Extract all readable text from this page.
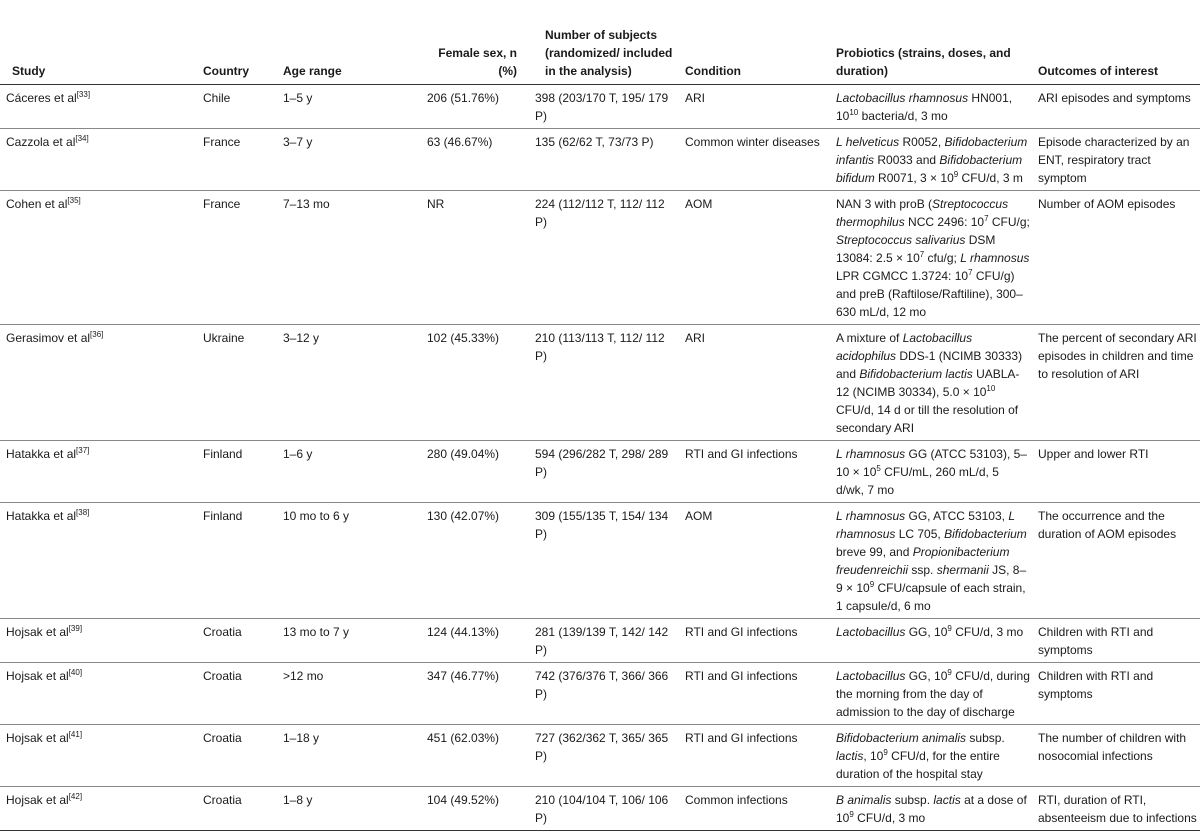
Study	Country	Age range	Female sex, n (%)	Number of subjects (randomized/ included in the analysis)	Condition	Probiotics (strains, doses, and duration)	Outcomes of interest
Cáceres et al[33]	Chile	1–5 y	206 (51.76%)	398 (203/170 T, 195/ 179 P)	ARI	Lactobacillus rhamnosus HN001, $10^{10}$ bacteria/d, 3 mo	ARI episodes and symptoms
Cazzola et al[34]	France	3–7 y	63 (46.67%)	135 (62/62 T, 73/73 P)	Common winter diseases	L helveticus R0052, Bifidobacterium infantis R0033 and Bifidobacterium bifidum R0071, $3 \times 10^9$ CFU/d, 3 m	Episode characterized by an ENT, respiratory tract symptom
Cohen et al[35]	France	7–13 mo	NR	224 (112/112 T, 112/ 112 P)	AOM	NAN 3 with proB (Streptococcus thermophilus NCC 2496: $10^7$ CFU/g; Streptococcus salivarius DSM 13084: $2.5 \times 10^7$ cfu/g; L rhamnosus LPR CGMCC 1.3724: $10^7$ CFU/g) and preB (Raftilose/Raftiline), 300–630 mL/d, 12 mo	Number of AOM episodes
Gerasimov et al[36]	Ukraine	3–12 y	102 (45.33%)	210 (113/113 T, 112/ 112 P)	ARI	A mixture of Lactobacillus acidophilus DDS-1 (NCIMB 30333) and Bifidobacterium lactis UABLA-12 (NCIMB 30334), $5.0 \times 10^{10}$ CFU/d, 14 d or till the resolution of secondary ARI	The percent of secondary ARI episodes in children and time to resolution of ARI
Hatakka et al[37]	Finland	1–6 y	280 (49.04%)	594 (296/282 T, 298/ 289 P)	RTI and GI infections	L rhamnosus GG (ATCC 53103), $5-10 \times 10^5$ CFU/mL, 260 mL/d, 5 d/wk, 7 mo	Upper and lower RTI
Hatakka et al[38]	Finland	10 mo to 6 y	130 (42.07%)	309 (155/135 T, 154/ 134 P)	AOM	L rhamnosus GG, ATCC 53103, L rhamnosus LC 705, Bifidobacterium breve 99, and Propionibacterium freudenreichii ssp. shermanii JS, $8-9 \times 10^9$ CFU/capsule of each strain, 1 capsule/d, 6 mo	The occurrence and the duration of AOM episodes
Hojsak et al[39]	Croatia	13 mo to 7 y	124 (44.13%)	281 (139/139 T, 142/ 142 P)	RTI and GI infections	Lactobacillus GG, $10^9$ CFU/d, 3 mo	Children with RTI and symptoms
Hojsak et al[40]	Croatia	>12 mo	347 (46.77%)	742 (376/376 T, 366/ 366 P)	RTI and GI infections	Lactobacillus GG, $10^9$ CFU/d, during the morning from the day of admission to the day of discharge	Children with RTI and symptoms
Hojsak et al[41]	Croatia	1–18 y	451 (62.03%)	727 (362/362 T, 365/ 365 P)	RTI and GI infections	Bifidobacterium animalis subsp. lactis, $10^9$ CFU/d, for the entire duration of the hospital stay	The number of children with nosocomial infections
Hojsak et al[42]	Croatia	1–8 y	104 (49.52%)	210 (104/104 T, 106/ 106 P)	Common infections	B animalis subsp. lactis at a dose of $10^9$ CFU/d, 3 mo	RTI, duration of RTI, absenteeism due to infections
